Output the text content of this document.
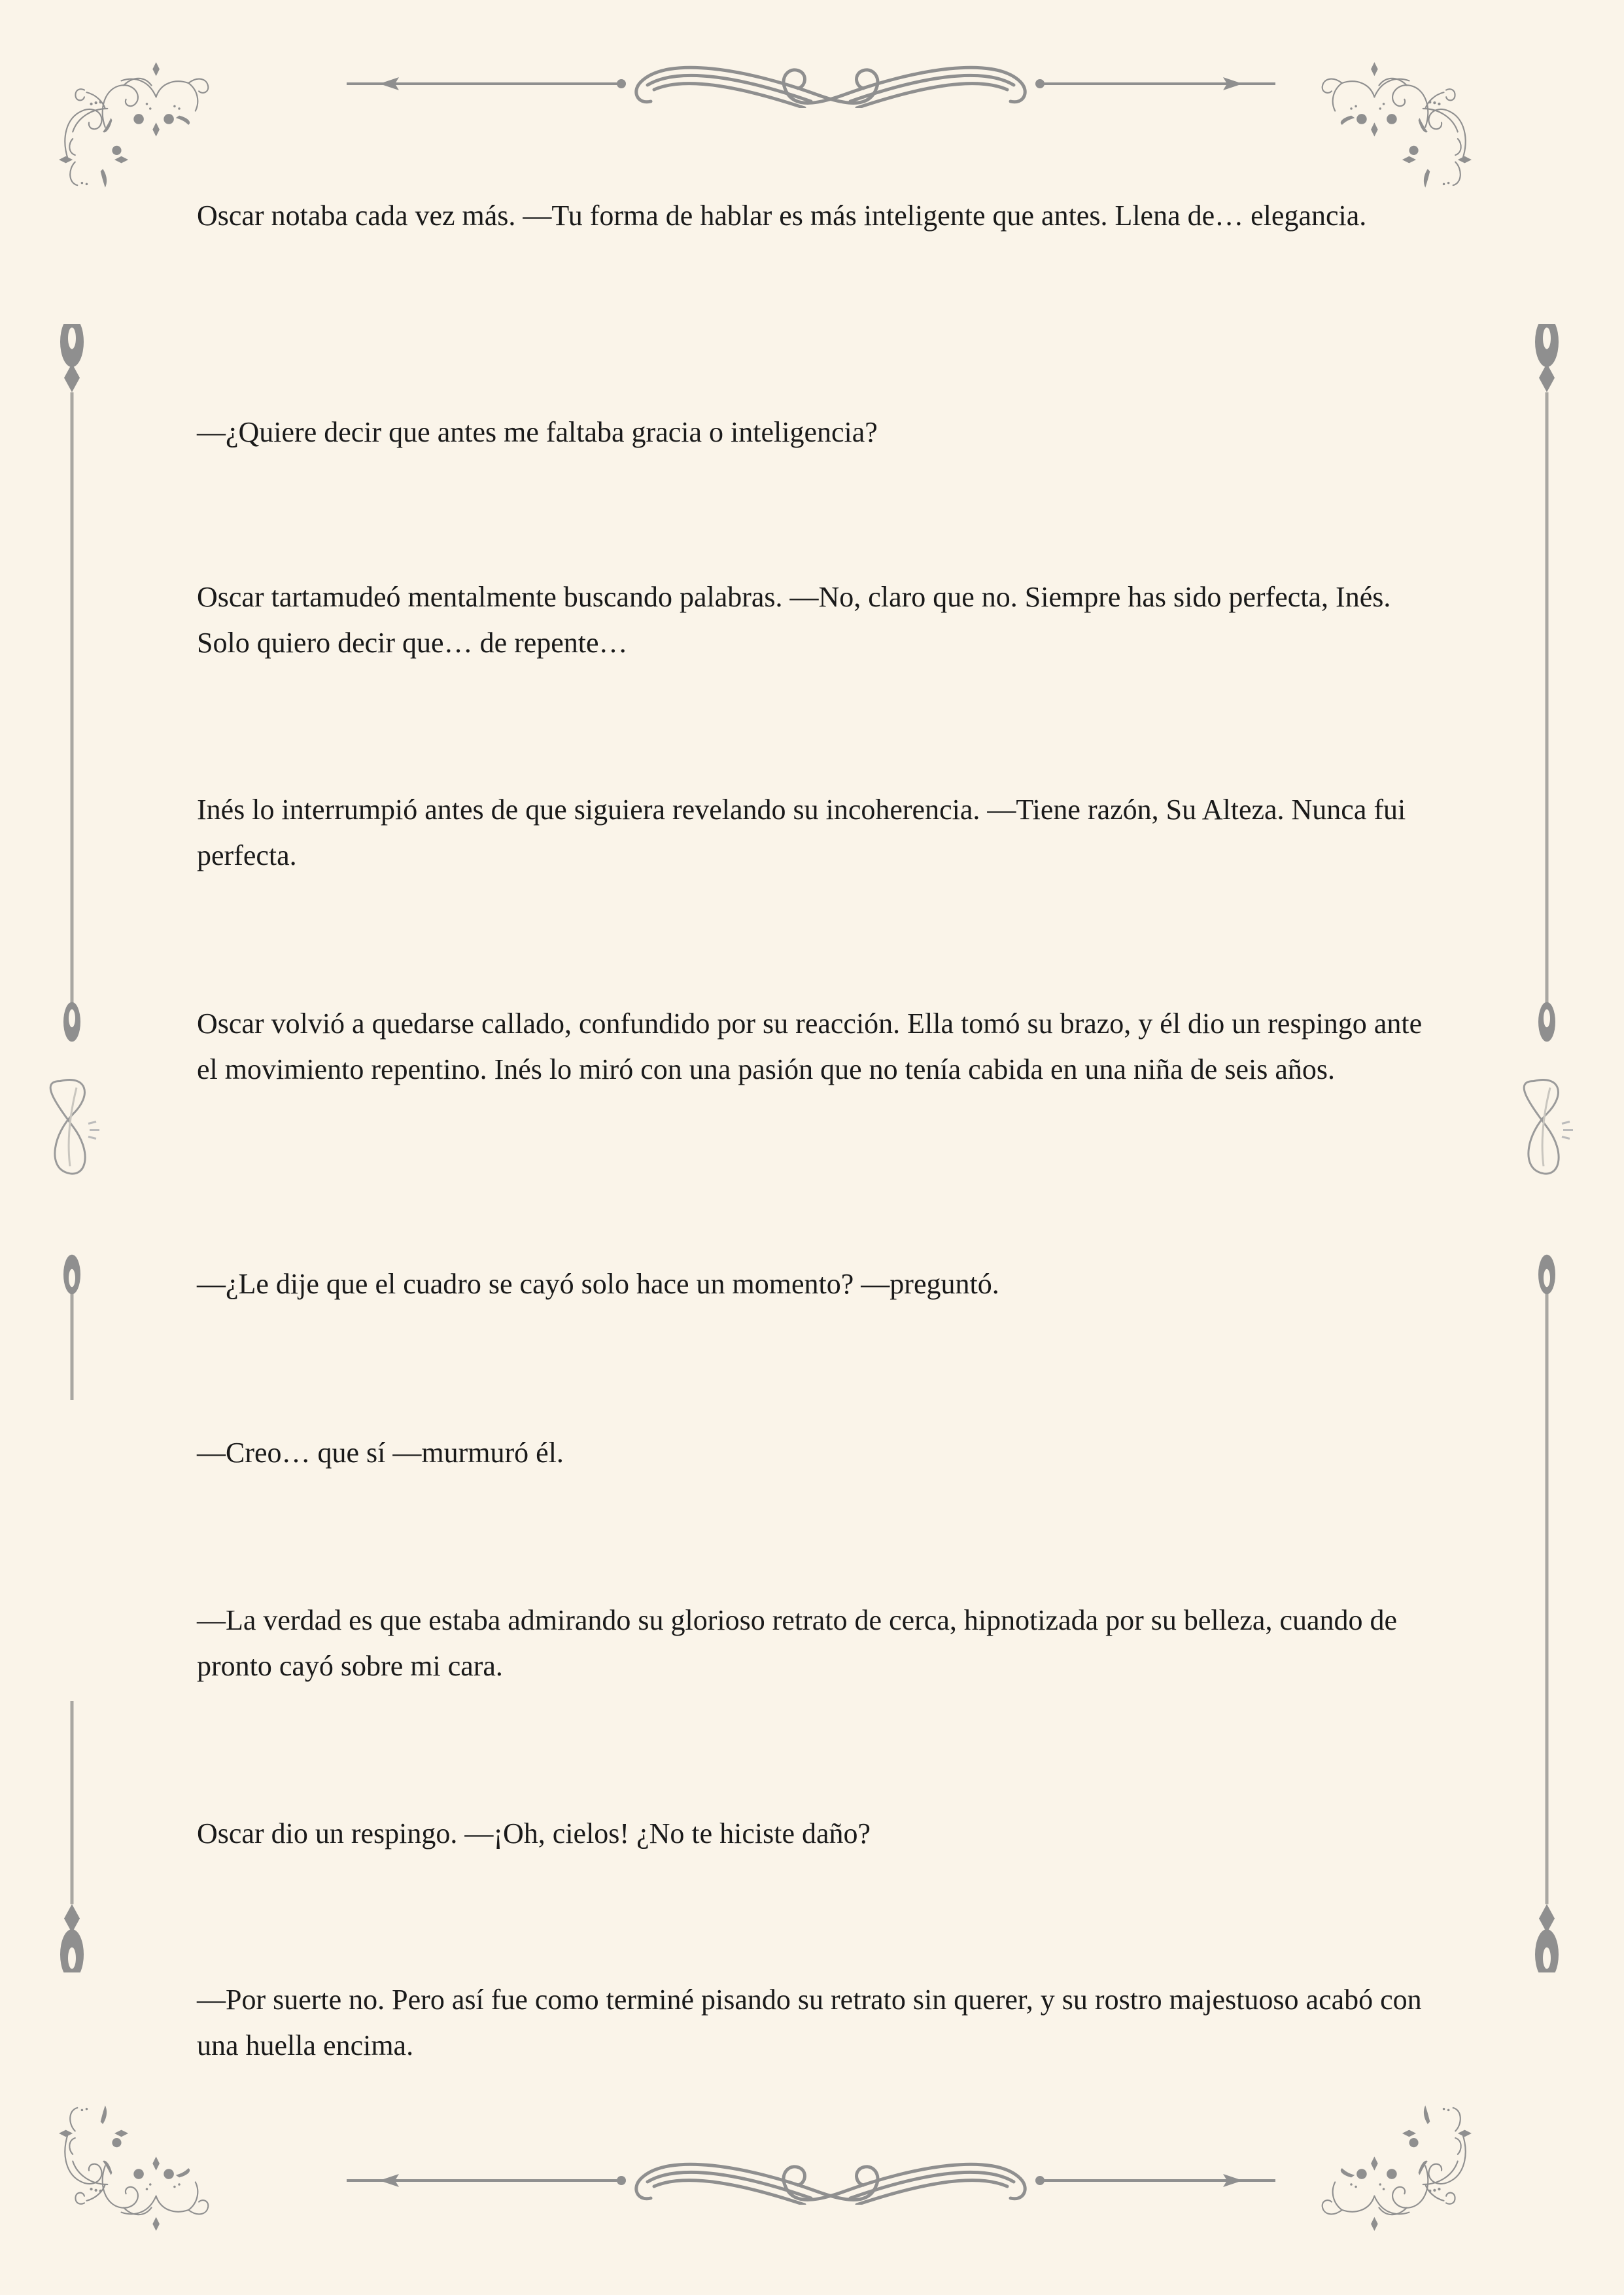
Oscar notaba cada vez más. —Tu forma de hablar es más inteligente que antes. Llena de… elegancia.

—¿Quiere decir que antes me faltaba gracia o inteligencia?

Oscar tartamudeó mentalmente buscando palabras. —No, claro que no. Siempre has sido perfecta, Inés. Solo quiero decir que… de repente…

Inés lo interrumpió antes de que siguiera revelando su incoherencia. —Tiene razón, Su Alteza. Nunca fui perfecta.

Oscar volvió a quedarse callado, confundido por su reacción. Ella tomó su brazo, y él dio un respingo ante el movimiento repentino. Inés lo miró con una pasión que no tenía cabida en una niña de seis años.

—¿Le dije que el cuadro se cayó solo hace un momento? —preguntó.

—Creo… que sí —murmuró él.

—La verdad es que estaba admirando su glorioso retrato de cerca, hipnotizada por su belleza, cuando de pronto cayó sobre mi cara.

Oscar dio un respingo. —¡Oh, cielos! ¿No te hiciste daño?

—Por suerte no. Pero así fue como terminé pisando su retrato sin querer, y su rostro majestuoso acabó con una huella encima.
